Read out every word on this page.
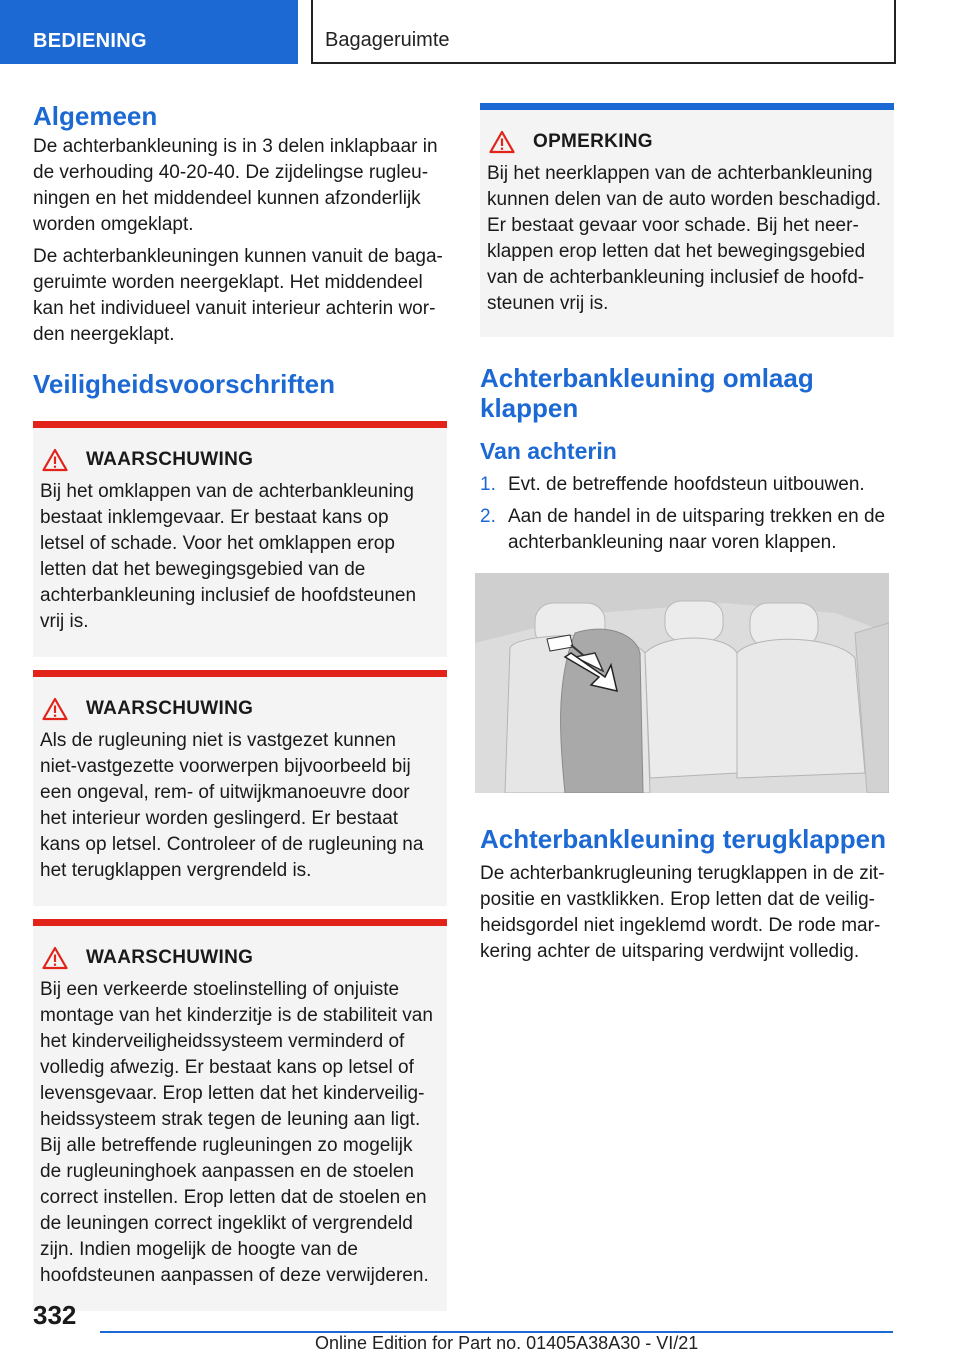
BEDIENING	Bagageruimte
Algemeen

De achterbankleuning is in 3 delen inklapbaar in de verhouding 40-20-40. De zijdelingse rugleuningen en het middendeel kunnen afzonderlijk worden omgeklapt.

De achterbankleuningen kunnen vanuit de bagageruimte worden neergeklapt. Het middendeel kan het individueel vanuit interieur achterin worden neergeklapt.

Veiligheidsvoorschriften
WAARSCHUWING

Bij het omklappen van de achterbankleuning bestaat inklemgevaar. Er bestaat kans op letsel of schade. Voor het omklappen erop letten dat het bewegingsgebied van de achterbankleuning inclusief de hoofdsteunen vrij is.

WAARSCHUWING

Als de rugleuning niet is vastgezet kunnen niet-vastgezette voorwerpen bijvoorbeeld bij een ongeval, rem- of uitwijkmanoeuvre door het interieur worden geslingerd. Er bestaat kans op letsel. Controleer of de rugleuning na het terugklappen vergrendeld is.

WAARSCHUWING

Bij een verkeerde stoelinstelling of onjuiste montage van het kinderzitje is de stabiliteit van het kinderveiligheidssysteem verminderd of volledig afwezig. Er bestaat kans op letsel of levensgevaar. Erop letten dat het kinderveiligheidssysteem strak tegen de leuning aan ligt.

Bij alle betreffende rugleuningen zo mogelijk de rugleuninghoek aanpassen en de stoelen correct instellen. Erop letten dat de stoelen en de leuningen correct ingeklikt of vergrendeld zijn. Indien mogelijk de hoogte van de hoofdsteunen aanpassen of deze verwijderen.

OPMERKING

Bij het neerklappen van de achterbankleuning kunnen delen van de auto worden beschadigd. Er bestaat gevaar voor schade. Bij het neerklappen erop letten dat het bewegingsgebied van de achterbankleuning inclusief de hoofdsteunen vrij is.

Achterbankleuning omlaag klappen
Van achterin
1. Evt. de betreffende hoofdsteun uitbouwen.
2. Aan de handel in de uitsparing trekken en de achterbankleuning naar voren klappen.
Achterbankleuning terugklappen

De achterbankrugleuning terugklappen in de zitpositie en vastklikken. Erop letten dat de veiligheidsgordel niet ingeklemd wordt. De rode markering achter de uitsparing verdwijnt volledig.

332
Online Edition for Part no. 01405A38A30 - VI/21
